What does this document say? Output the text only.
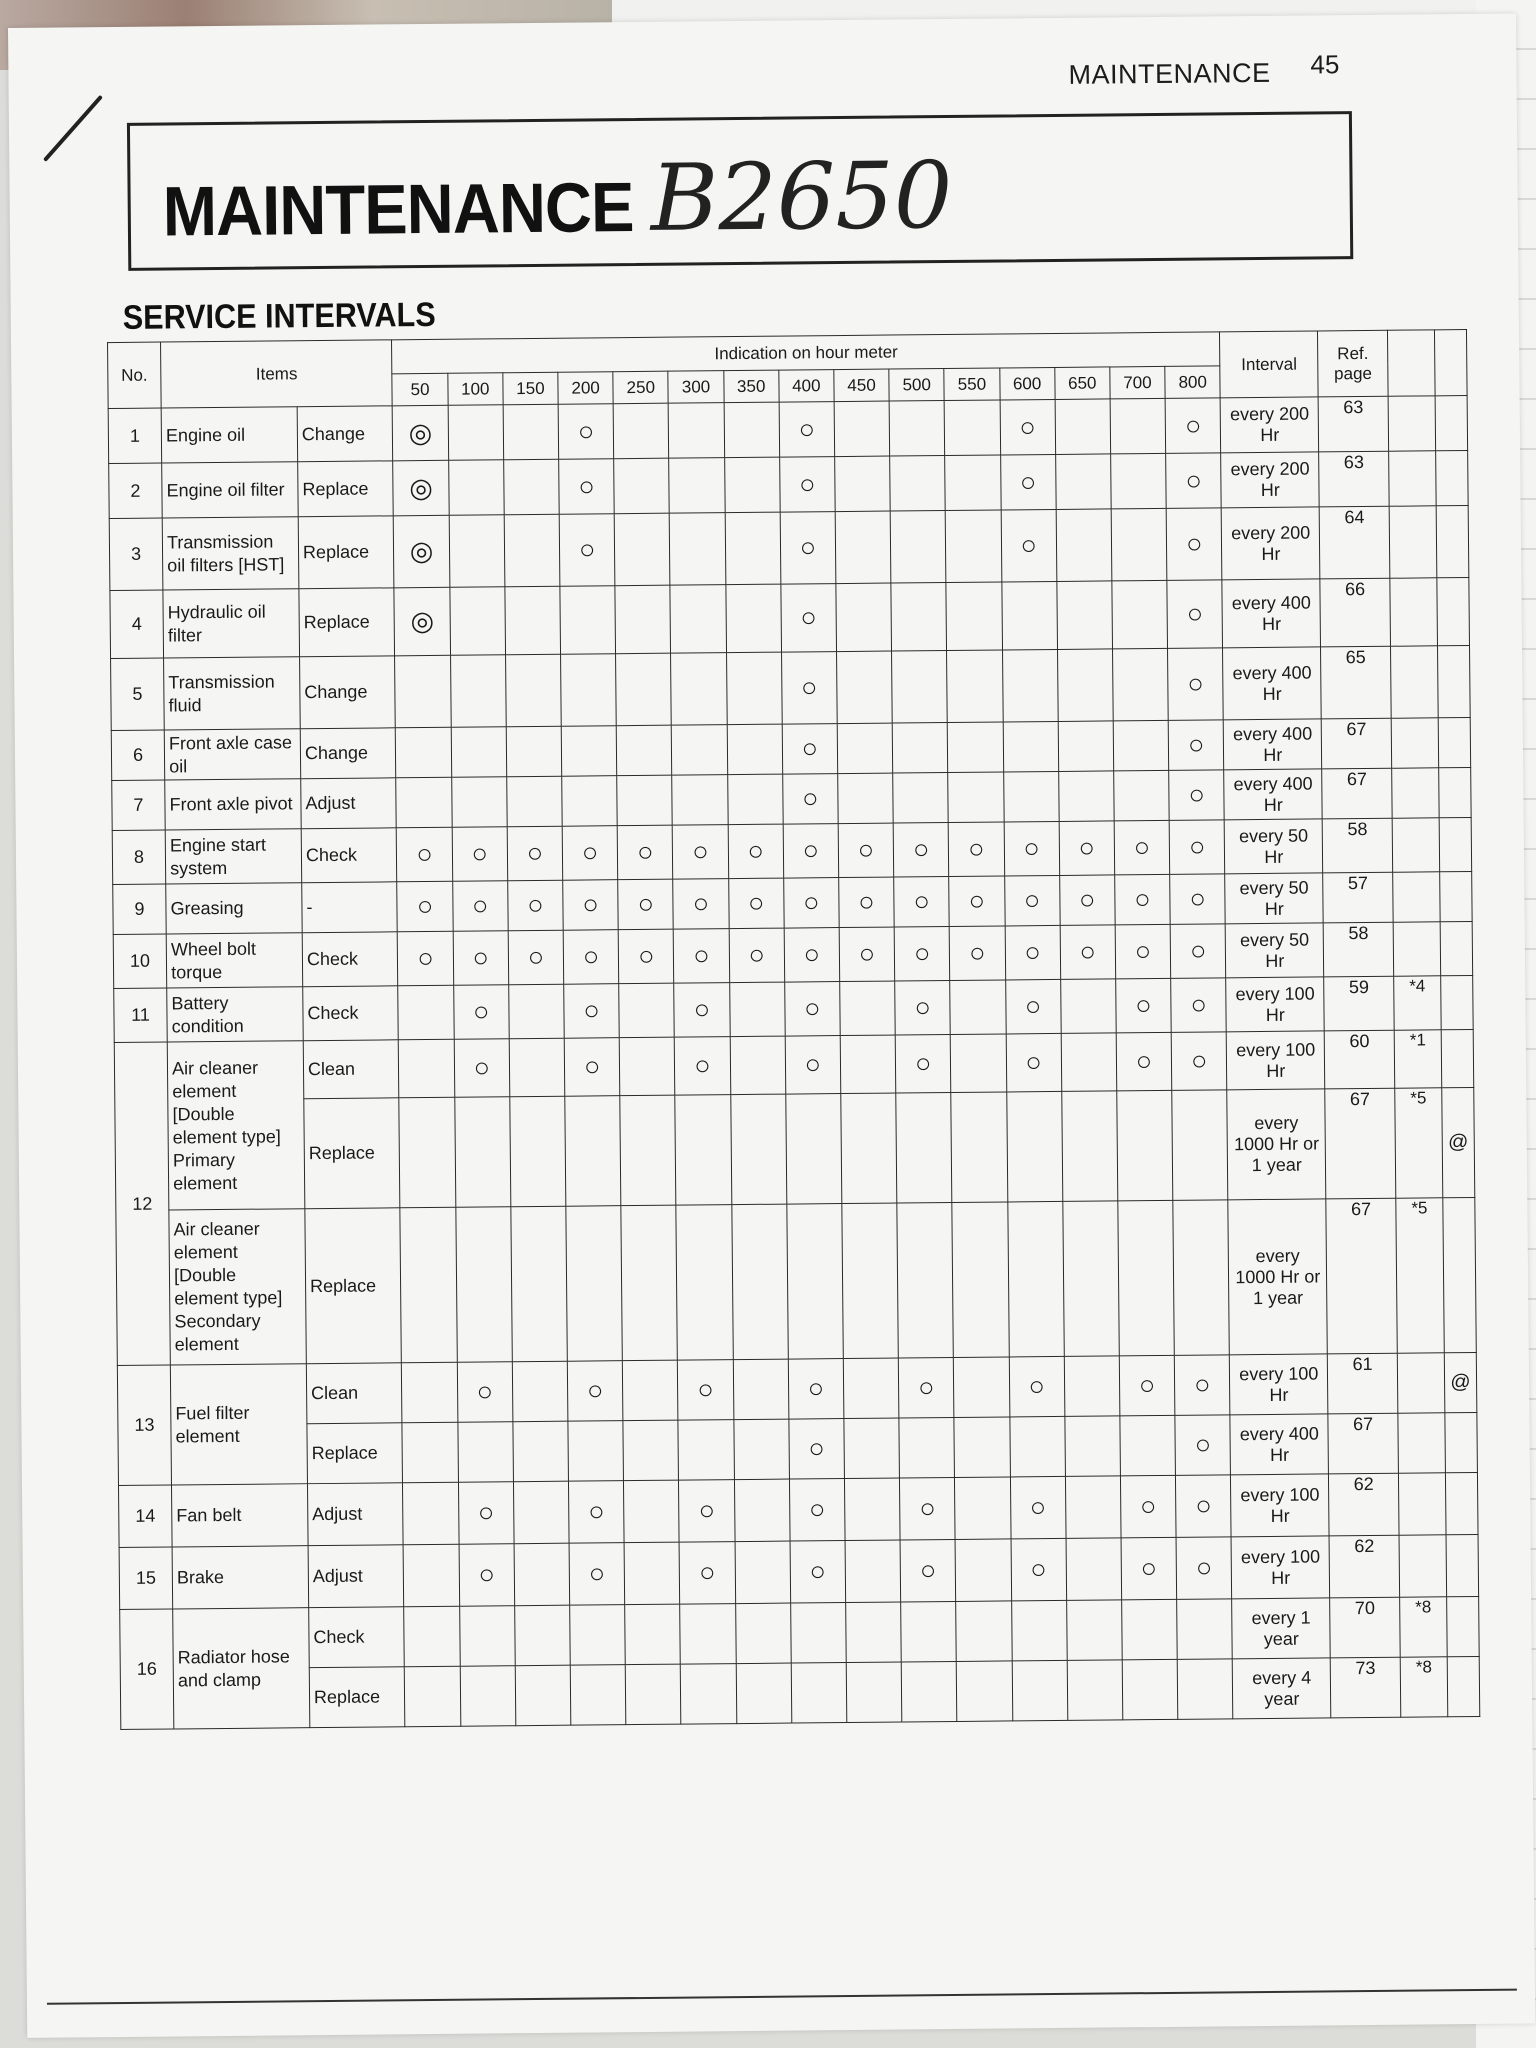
MAINTENANCE 45
MAINTENANCE B2650
SERVICE INTERVALS
No.	Items		Indication on hour meter															Interval	Ref. page		
			50	100	150	200	250	300	350	400	450	500	550	600	650	700	800				
1	Engine oil	Change	◎			○				○				○			○	every 200 Hr	63		
2	Engine oil filter	Replace	◎			○				○				○			○	every 200 Hr	63		
3	Transmission oil filters [HST]	Replace	◎			○				○				○			○	every 200 Hr	64		
4	Hydraulic oil filter	Replace	◎							○							○	every 400 Hr	66		
5	Transmission fluid	Change								○							○	every 400 Hr	65		
6	Front axle case oil	Change								○							○	every 400 Hr	67		
7	Front axle pivot	Adjust								○							○	every 400 Hr	67		
8	Engine start system	Check	○	○	○	○	○	○	○	○	○	○	○	○	○	○	○	every 50 Hr	58		
9	Greasing	-	○	○	○	○	○	○	○	○	○	○	○	○	○	○	○	every 50 Hr	57		
10	Wheel bolt torque	Check	○	○	○	○	○	○	○	○	○	○	○	○	○	○	○	every 50 Hr	58		
11	Battery condition	Check		○		○		○		○		○		○		○	○	every 100 Hr	59	*4	
12	Air cleaner element [Double element type] Primary element	Clean		○		○		○		○		○		○		○	○	every 100 Hr	60	*1	
		Replace																every 1000 Hr or 1 year	67	*5	@
	Air cleaner element [Double element type] Secondary element	Replace																every 1000 Hr or 1 year	67	*5	
13	Fuel filter element	Clean		○		○		○		○		○		○		○	○	every 100 Hr	61		@
		Replace								○							○	every 400 Hr	67		
14	Fan belt	Adjust		○		○		○		○		○		○		○	○	every 100 Hr	62		
15	Brake	Adjust		○		○		○		○		○		○		○	○	every 100 Hr	62		
16	Radiator hose and clamp	Check																every 1 year	70	*8	
		Replace																every 4 year	73	*8	
